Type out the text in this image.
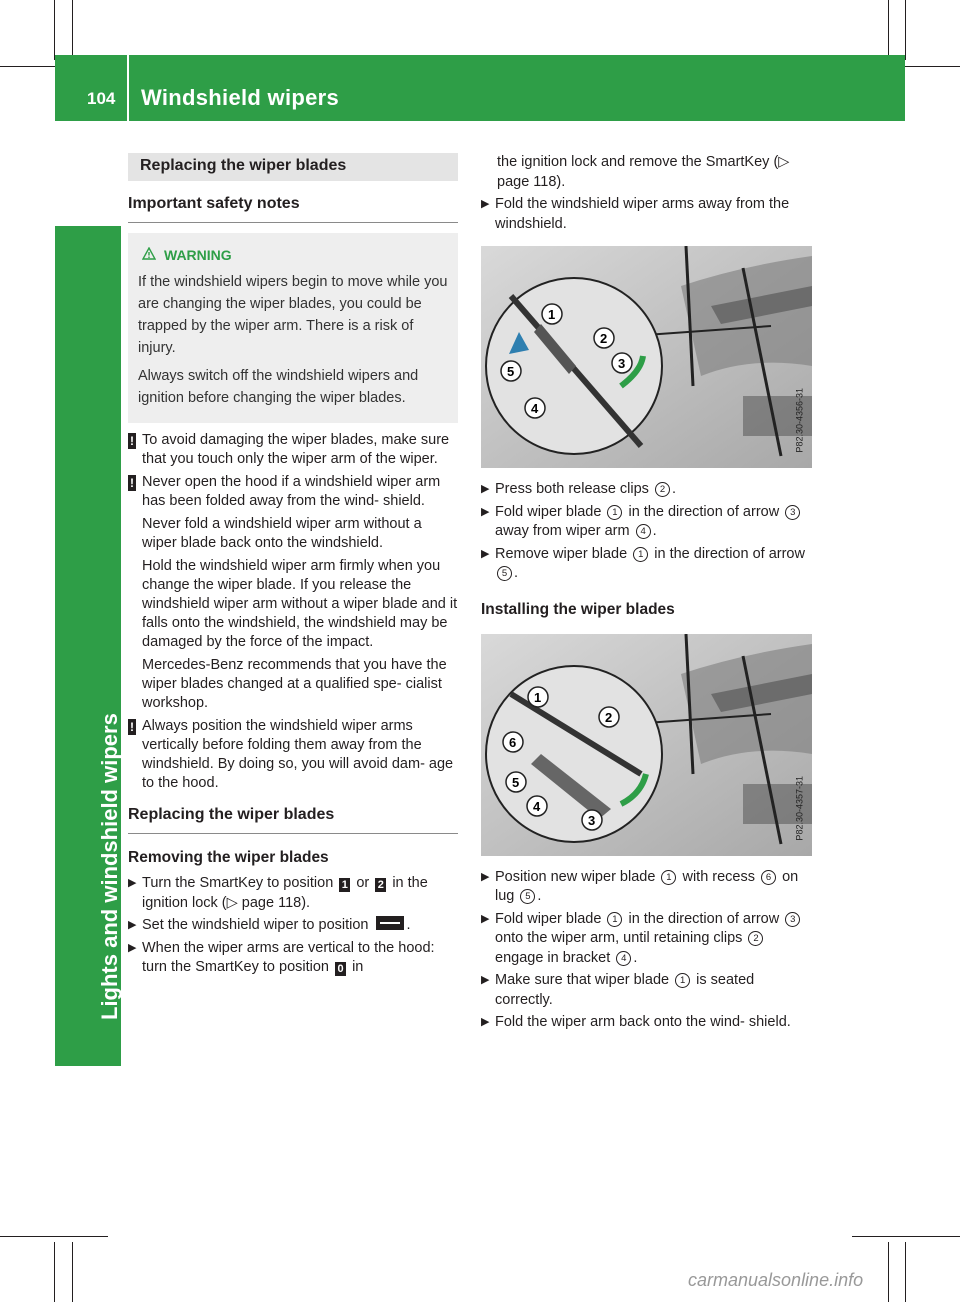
104 Windshield wipers
Lights and windshield wipers
Replacing the wiper blades
Important safety notes
WARNING

If the windshield wipers begin to move while you are changing the wiper blades, you could be trapped by the wiper arm. There is a risk of injury.

Always switch off the windshield wipers and ignition before changing the wiper blades.

! To avoid damaging the wiper blades, make sure that you touch only the wiper arm of the wiper.

! Never open the hood if a windshield wiper arm has been folded away from the wind- shield.

Never fold a windshield wiper arm without a wiper blade back onto the windshield.

Hold the windshield wiper arm firmly when you change the wiper blade. If you release the windshield wiper arm without a wiper blade and it falls onto the windshield, the windshield may be damaged by the force of the impact.

Mercedes-Benz recommends that you have the wiper blades changed at a qualified spe- cialist workshop.

! Always position the windshield wiper arms vertically before folding them away from the windshield. By doing so, you will avoid dam- age to the hood.

Replacing the wiper blades
Removing the wiper blades
▶ Turn the SmartKey to position 1 or 2 in the ignition lock (▷ page 118).
▶ Set the windshield wiper to position	.
▶ When the wiper arms are vertical to the hood: turn the SmartKey to position 0 in
the ignition lock and remove the SmartKey (▷ page 118).
▶ Fold the windshield wiper arms away from the windshield.
1
2
3
4
5
P82.30-4356-31
▶ Press both release clips 2 .
▶ Fold wiper blade 1 in the direction of arrow 3 away from wiper arm 4 .
▶ Remove wiper blade 1 in the direction of arrow 5 .
Installing the wiper blades
1
2
3
4
5
6
P82.30-4357-31
▶ Position new wiper blade 1 with recess 6 on lug 5 .
▶ Fold wiper blade 1 in the direction of arrow 3 onto the wiper arm, until retaining clips 2 engage in bracket 4 .
▶ Make sure that wiper blade 1 is seated correctly.
▶ Fold the wiper arm back onto the wind- shield.
carmanualsonline.info
